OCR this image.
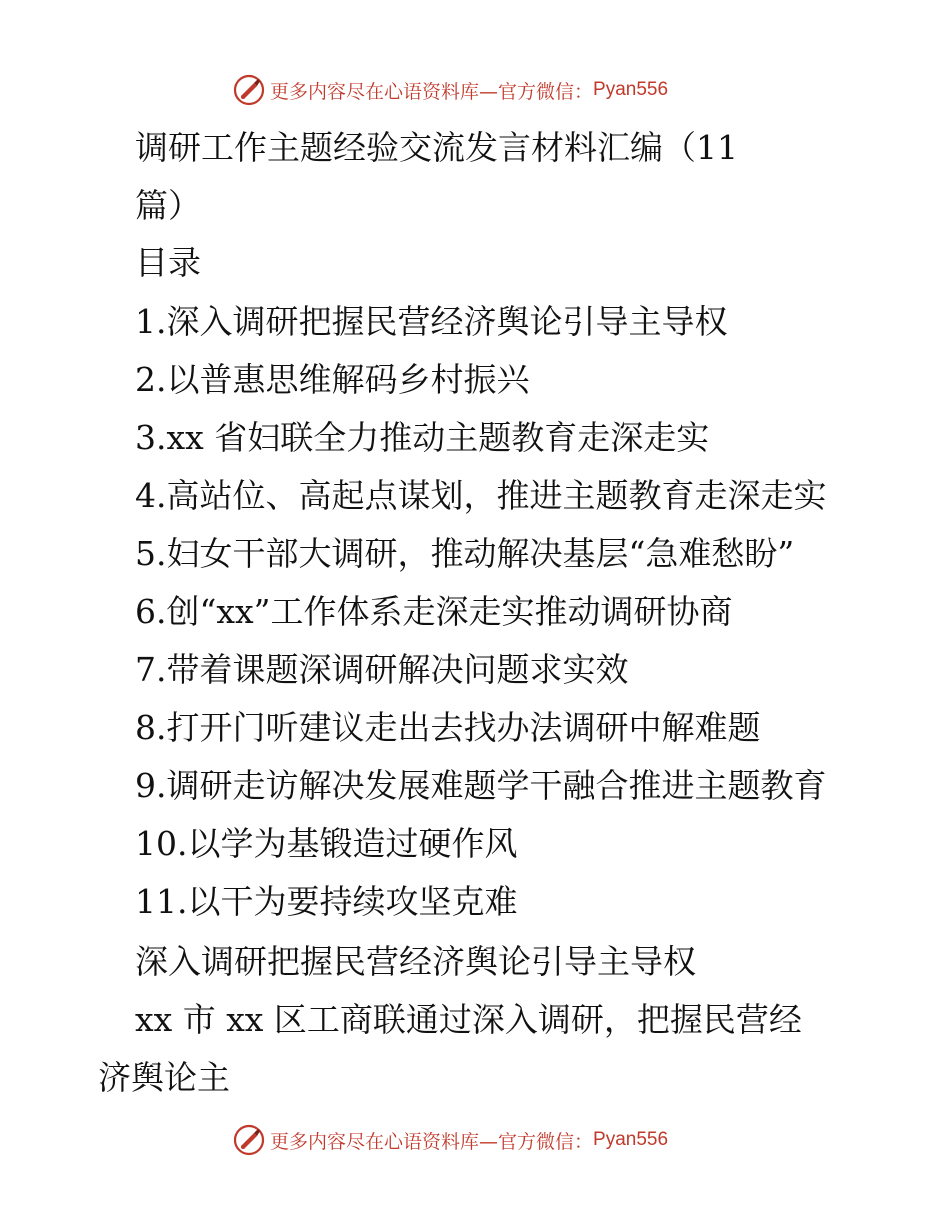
更多内容尽在心语资料库—官方微信： Pyan556
调研工作主题经验交流发言材料汇编（11
篇）
目录
1.深入调研把握民营经济舆论引导主导权
2.以普惠思维解码乡村振兴
3.xx 省妇联全力推动主题教育走深走实
4.高站位、高起点谋划，推进主题教育走深走实
5.妇女干部大调研，推动解决基层“急难愁盼”
6.创“xx”工作体系走深走实推动调研协商
7.带着课题深调研解决问题求实效
8.打开门听建议走出去找办法调研中解难题
9.调研走访解决发展难题学干融合推进主题教育
10.以学为基锻造过硬作风
11.以干为要持续攻坚克难
深入调研把握民营经济舆论引导主导权
xx 市 xx 区工商联通过深入调研，把握民营经
济舆论主
更多内容尽在心语资料库—官方微信： Pyan556
